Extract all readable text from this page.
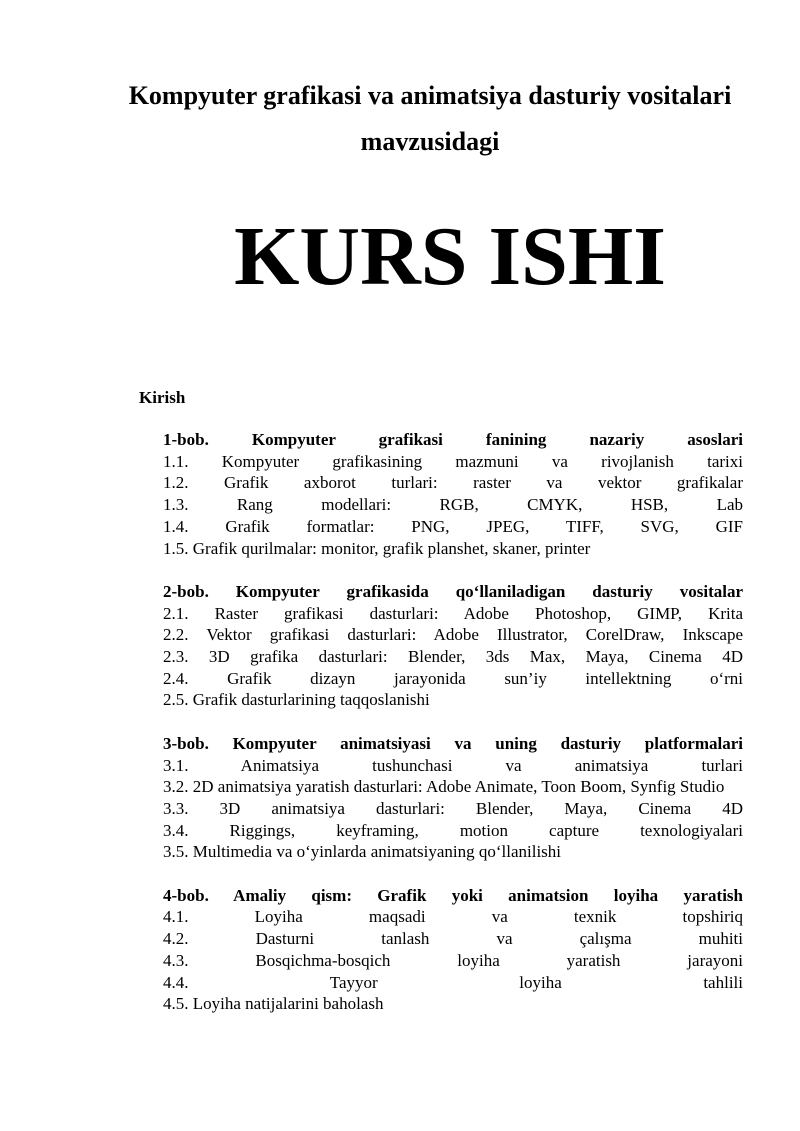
Kompyuter grafikasi va animatsiya dasturiy vositalari
mavzusidagi
KURS ISHI
Kirish
1-bob. Kompyuter grafikasi fanining nazariy asoslari
1.1. Kompyuter grafikasining mazmuni va rivojlanish tarixi
1.2. Grafik axborot turlari: raster va vektor grafikalar
1.3. Rang modellari: RGB, CMYK, HSB, Lab
1.4. Grafik formatlar: PNG, JPEG, TIFF, SVG, GIF
1.5. Grafik qurilmalar: monitor, grafik planshet, skaner, printer
2-bob. Kompyuter grafikasida qo‘llaniladigan dasturiy vositalar
2.1. Raster grafikasi dasturlari: Adobe Photoshop, GIMP, Krita
2.2. Vektor grafikasi dasturlari: Adobe Illustrator, CorelDraw, Inkscape
2.3. 3D grafika dasturlari: Blender, 3ds Max, Maya, Cinema 4D
2.4. Grafik dizayn jarayonida sun’iy intellektning o‘rni
2.5. Grafik dasturlarining taqqoslanishi
3-bob. Kompyuter animatsiyasi va uning dasturiy platformalari
3.1. Animatsiya tushunchasi va animatsiya turlari
3.2. 2D animatsiya yaratish dasturlari: Adobe Animate, Toon Boom, Synfig Studio
3.3. 3D animatsiya dasturlari: Blender, Maya, Cinema 4D
3.4. Riggings, keyframing, motion capture texnologiyalari
3.5. Multimedia va o‘yinlarda animatsiyaning qo‘llanilishi
4-bob. Amaliy qism: Grafik yoki animatsion loyiha yaratish
4.1. Loyiha maqsadi va texnik topshiriq
4.2. Dasturni tanlash va çalışma muhiti
4.3. Bosqichma-bosqich loyiha yaratish jarayoni
4.4. Tayyor loyiha tahlili
4.5. Loyiha natijalarini baholash
